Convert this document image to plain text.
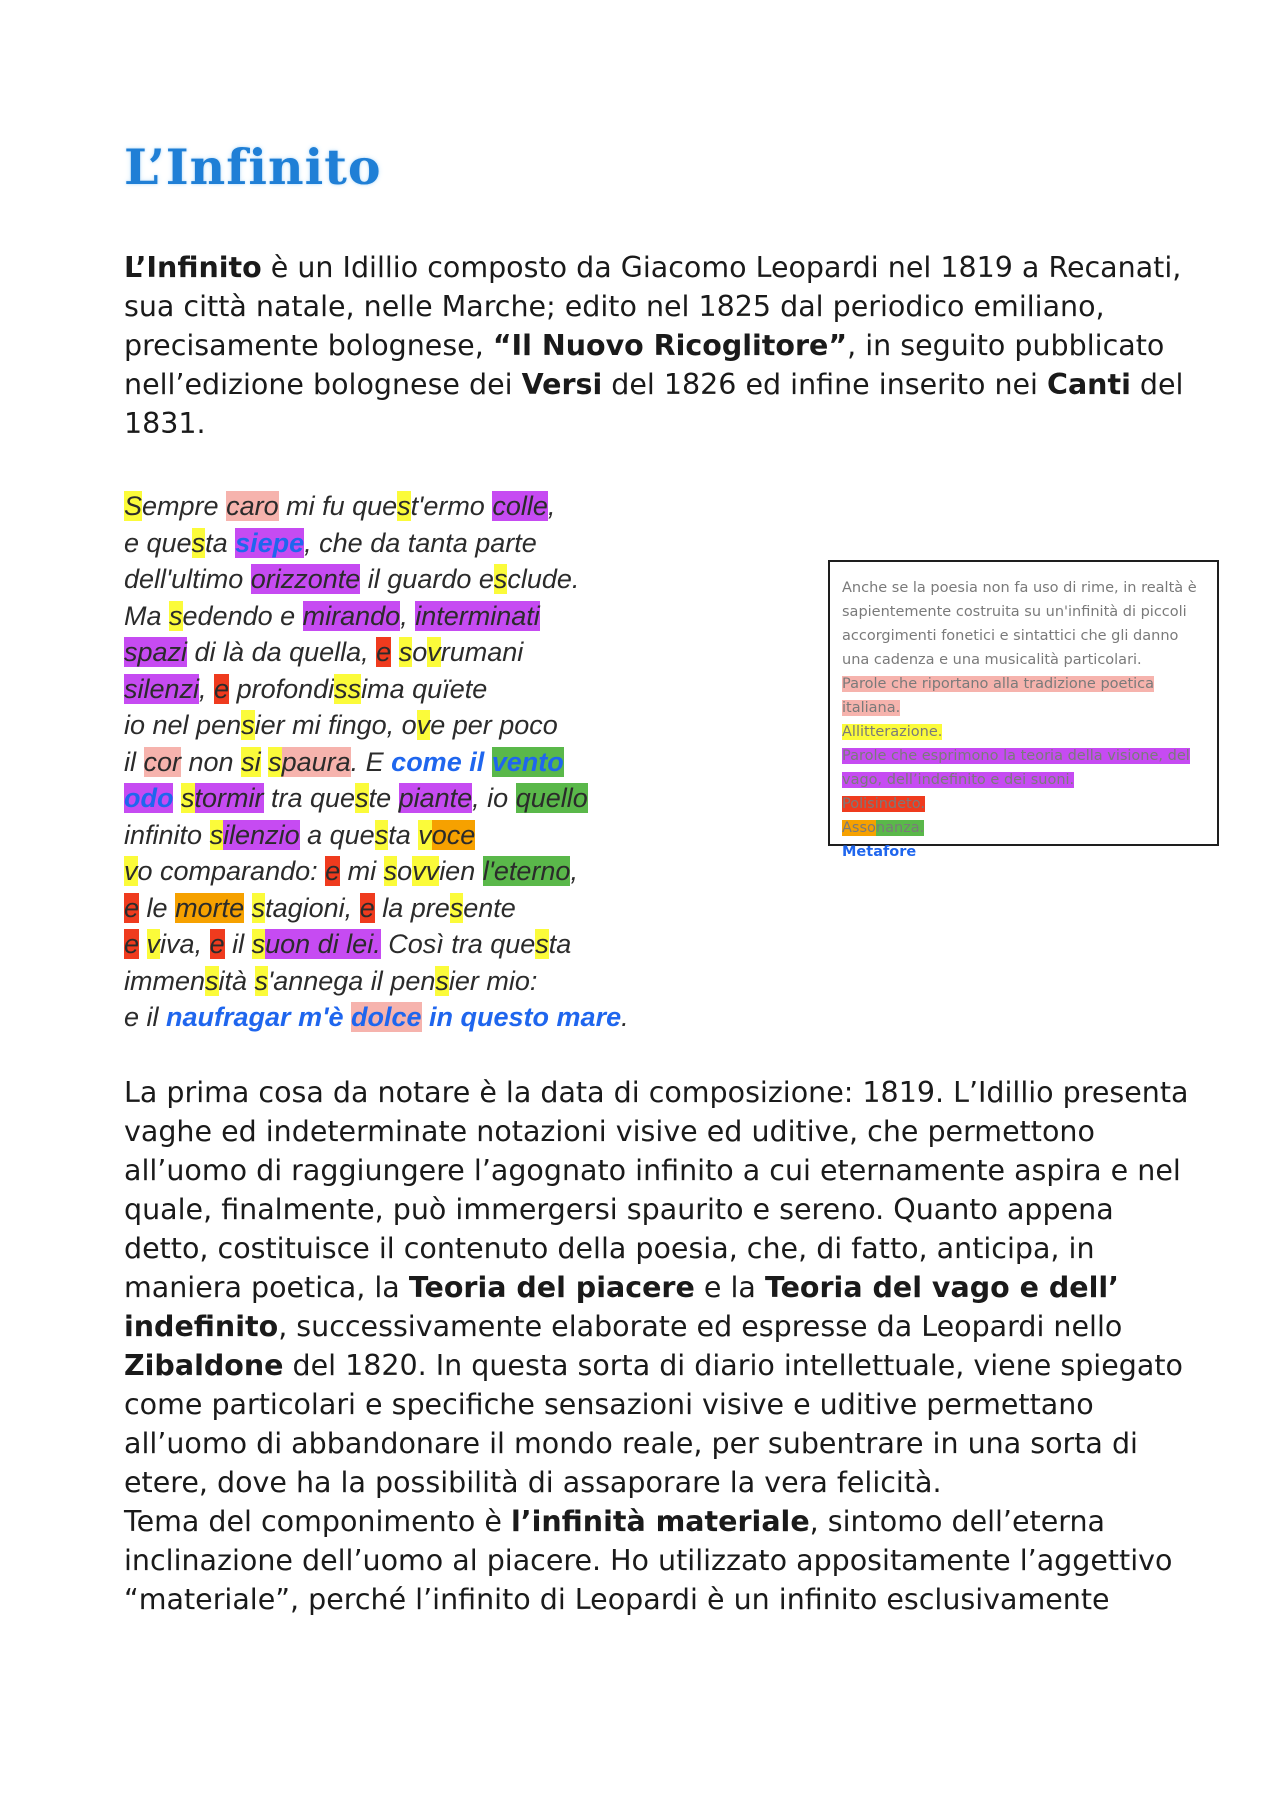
L’Infinito
L’Infinito è un Idillio composto da Giacomo Leopardi nel 1819 a Recanati, sua città natale, nelle Marche; edito nel 1825 dal periodico emiliano, precisamente bolognese, “Il Nuovo Ricoglitore”, in seguito pubblicato nell’edizione bolognese dei Versi del 1826 ed infine inserito nei Canti del 1831.
Sempre caro mi fu quest'ermo colle,
e questa siepe, che da tanta parte
dell'ultimo orizzonte il guardo esclude.
Ma sedendo e mirando, interminati
spazi di là da quella, e sovrumani
silenzi, e profondissima quïete
io nel pensier mi fingo, ove per poco
il cor non si spaura. E come il vento
odo stormir tra queste piante, io quello
infinito silenzio a questa voce
vo comparando: e mi sovvien l'eterno,
e le morte stagioni, e la presente
e viva, e il suon di lei. Così tra questa
immensità s'annega il pensier mio:
e il naufragar m'è dolce in questo mare.

Anche se la poesia non fa uso di rime, in realtà è sapientemente costruita su un'infinità di piccoli accorgimenti fonetici e sintattici che gli danno una cadenza e una musicalità particolari.

Parole che riportano alla tradizione poetica italiana.
Allitterazione.
Parole che esprimono la teoria della visione, del vago, dell’indefinito e dei suoni.
Polisindeto.
Assonanza.
Metafore

La prima cosa da notare è la data di composizione: 1819. L’Idillio presenta vaghe ed indeterminate notazioni visive ed uditive, che permettono all’uomo di raggiungere l’agognato infinito a cui eternamente aspira e nel quale, finalmente, può immergersi spaurito e sereno. Quanto appena detto, costituisce il contenuto della poesia, che, di fatto, anticipa, in maniera poetica, la Teoria del piacere e la Teoria del vago e dell’ indefinito, successivamente elaborate ed espresse da Leopardi nello Zibaldone del 1820. In questa sorta di diario intellettuale, viene spiegato come particolari e specifiche sensazioni visive e uditive permettano all’uomo di abbandonare il mondo reale, per subentrare in una sorta di etere, dove ha la possibilità di assaporare la vera felicità.

Tema del componimento è l’infinità materiale, sintomo dell’eterna inclinazione dell’uomo al piacere. Ho utilizzato appositamente l’aggettivo “materiale”, perché l’infinito di Leopardi è un infinito esclusivamente
